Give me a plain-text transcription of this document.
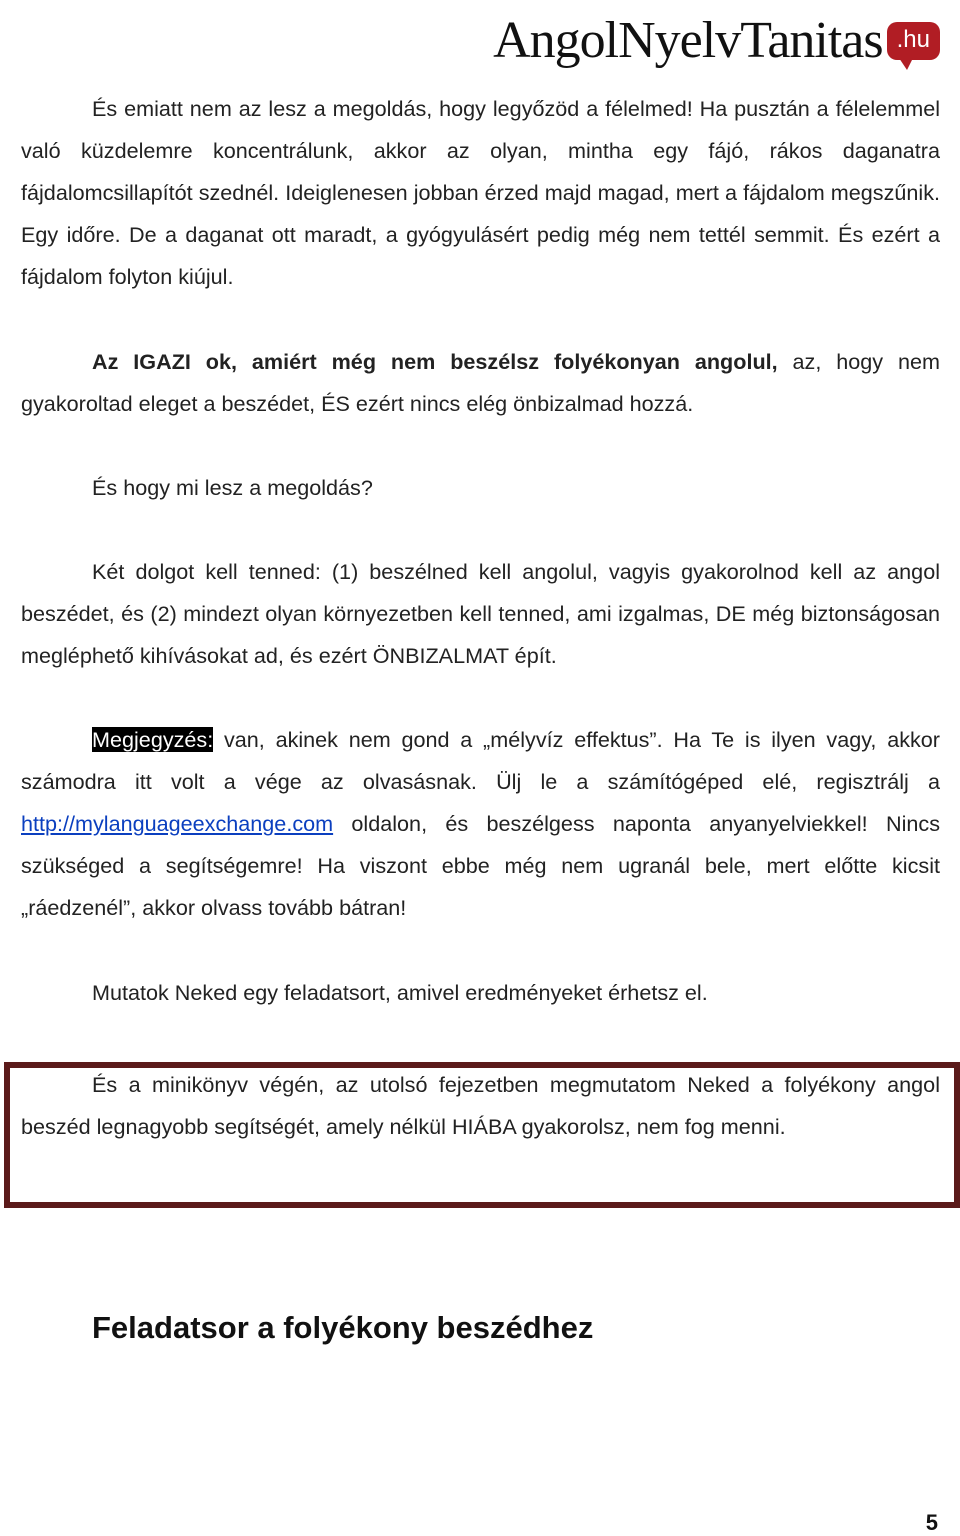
Angol Nyelv Tanitas .hu

És emiatt nem az lesz a megoldás, hogy legyőzöd a félelmed! Ha pusztán a félelemmel való küzdelemre koncentrálunk, akkor az olyan, mintha egy fájó, rákos daganatra fájdalomcsillapítót szednél. Ideiglenesen jobban érzed majd magad, mert a fájdalom megszűnik. Egy időre. De a daganat ott maradt, a gyógyulásért pedig még nem tettél semmit. És ezért a fájdalom folyton kiújul.

Az IGAZI ok, amiért még nem beszélsz folyékonyan angolul, az, hogy nem gyakoroltad eleget a beszédet, ÉS ezért nincs elég önbizalmad hozzá.

És hogy mi lesz a megoldás?

Két dolgot kell tenned: (1) beszélned kell angolul, vagyis gyakorolnod kell az angol beszédet, és (2) mindezt olyan környezetben kell tenned, ami izgalmas, DE még biztonságosan megléphető kihívásokat ad, és ezért ÖNBIZALMAT épít.

Megjegyzés: van, akinek nem gond a „mélyvíz effektus”. Ha Te is ilyen vagy, akkor számodra itt volt a vége az olvasásnak. Ülj le a számítógéped elé, regisztrálj a http://mylanguageexchange.com oldalon, és beszélgess naponta anyanyelviekkel! Nincs szükséged a segítségemre! Ha viszont ebbe még nem ugranál bele, mert előtte kicsit „ráedzenél”, akkor olvass tovább bátran!

Mutatok Neked egy feladatsort, amivel eredményeket érhetsz el.

És a minikönyv végén, az utolsó fejezetben megmutatom Neked a folyékony angol beszéd legnagyobb segítségét, amely nélkül HIÁBA gyakorolsz, nem fog menni.

Feladatsor a folyékony beszédhez
5
